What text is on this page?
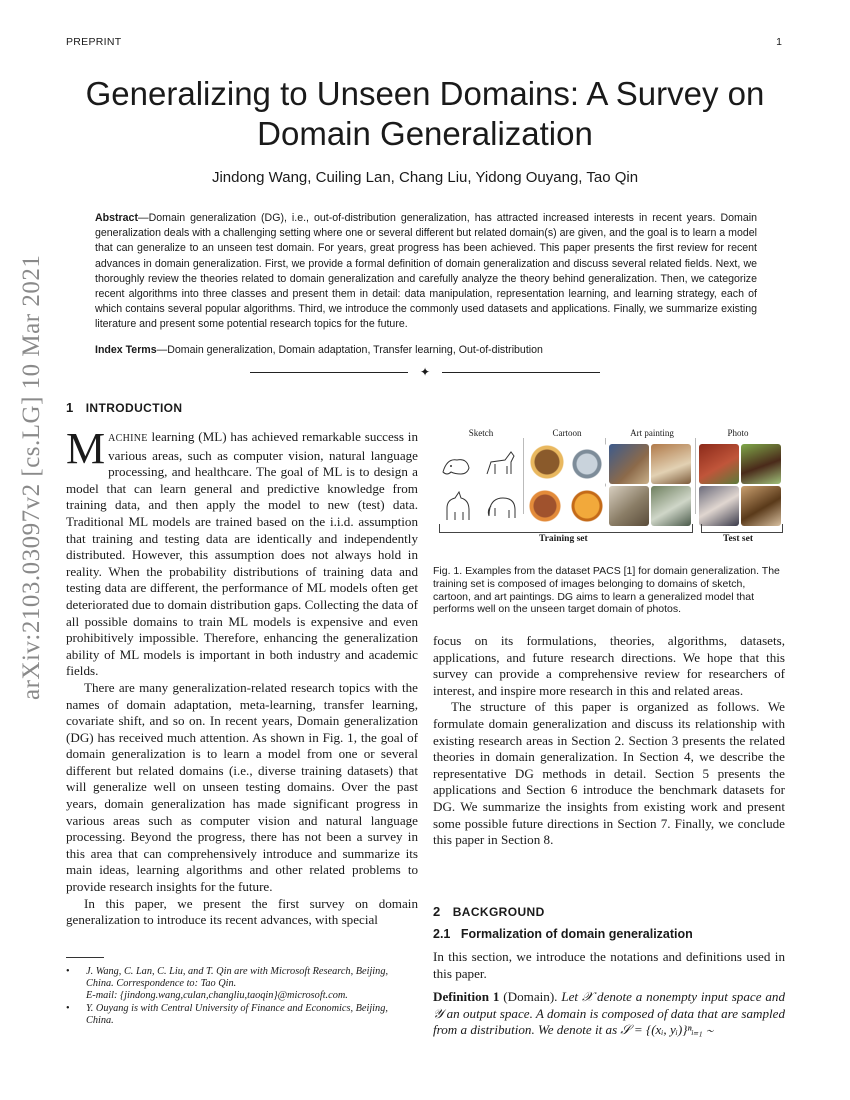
PREPRINT	1
Generalizing to Unseen Domains: A Survey on Domain Generalization
Jindong Wang, Cuiling Lan, Chang Liu, Yidong Ouyang, Tao Qin

Abstract—Domain generalization (DG), i.e., out-of-distribution generalization, has attracted increased interests in recent years. Domain generalization deals with a challenging setting where one or several different but related domain(s) are given, and the goal is to learn a model that can generalize to an unseen test domain. For years, great progress has been achieved. This paper presents the first review for recent advances in domain generalization. First, we provide a formal definition of domain generalization and discuss several related fields. Next, we thoroughly review the theories related to domain generalization and carefully analyze the theory behind generalization. Then, we categorize recent algorithms into three classes and present them in detail: data manipulation, representation learning, and learning strategy, each of which contains several popular algorithms. Third, we introduce the commonly used datasets and applications. Finally, we summarize existing literature and present some potential research topics for the future.

Index Terms—Domain generalization, Domain adaptation, Transfer learning, Out-of-distribution
✦
arXiv:2103.03097v2 [cs.LG] 10 Mar 2021 1 INTRODUCTION

MACHINE learning (ML) has achieved remarkable success in various areas, such as computer vision, natural language processing, and healthcare. The goal of ML is to design a model that can learn general and predictive knowledge from training data, and then apply the model to new (test) data. Traditional ML models are trained based on the i.i.d. assumption that training and testing data are identically and independently distributed. However, this assumption does not always hold in reality. When the probability distributions of training data and testing data are different, the performance of ML models often get deteriorated due to domain distribution gaps. Collecting the data of all possible domains to train ML models is expensive and even prohibitively impossible. Therefore, enhancing the generalization ability of ML models is important in both industry and academic fields.

There are many generalization-related research topics with the names of domain adaptation, meta-learning, transfer learning, covariate shift, and so on. In recent years, Domain generalization (DG) has received much attention. As shown in Fig. 1, the goal of domain generalization is to learn a model from one or several different but related domains (i.e., diverse training datasets) that will generalize well on unseen testing domains. Over the past years, domain generalization has made significant progress in various areas such as computer vision and natural language processing. Beyond the progress, there has not been a survey in this area that can comprehensively introduce and summarize its main ideas, learning algorithms and other related problems to provide research insights for the future.

In this paper, we present the first survey on domain generalization to introduce its recent advances, with special

• J. Wang, C. Lan, C. Liu, and T. Qin are with Microsoft Research, Beijing, China. Correspondence to: Tao Qin.
E-mail: {jindong.wang,culan,changliu,taoqin}@microsoft.com.
• Y. Ouyang is with Central University of Finance and Economics, Beijing, China.
Sketch	Cartoon	Art painting	Photo
Training set	Test set
Fig. 1. Examples from the dataset PACS [1] for domain generalization. The training set is composed of images belonging to domains of sketch, cartoon, and art paintings. DG aims to learn a generalized model that performs well on the unseen target domain of photos.

focus on its formulations, theories, algorithms, datasets, applications, and future research directions. We hope that this survey can provide a comprehensive review for researchers of interest, and inspire more research in this and related areas.

The structure of this paper is organized as follows. We formulate domain generalization and discuss its relationship with existing research areas in Section 2. Section 3 presents the related theories in domain generalization. In Section 4, we describe the representative DG methods in detail. Section 5 presents the applications and Section 6 introduce the benchmark datasets for DG. We summarize the insights from existing work and present some possible future directions in Section 7. Finally, we conclude this paper in Section 8.

2 BACKGROUND
2.1 Formalization of domain generalization
In this section, we introduce the notations and definitions used in this paper.
Definition 1 (Domain). Let 𝒳 denote a nonempty input space and 𝒴 an output space. A domain is composed of data that are sampled from a distribution. We denote it as 𝒮 = {(xᵢ, yᵢ)}ⁿᵢ₌₁ ∼
